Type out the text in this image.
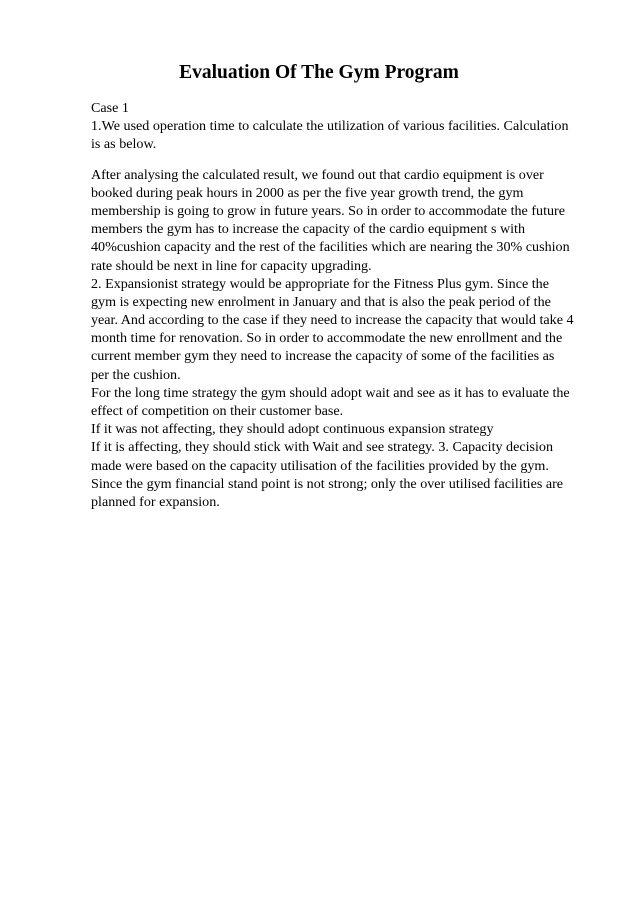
Evaluation Of The Gym Program
Case 1
1.We used operation time to calculate the utilization of various facilities. Calculation
is as below.
After analysing the calculated result, we found out that cardio equipment is over
booked during peak hours in 2000 as per the five year growth trend, the gym
membership is going to grow in future years. So in order to accommodate the future
members the gym has to increase the capacity of the cardio equipment s with
40%cushion capacity and the rest of the facilities which are nearing the 30% cushion
rate should be next in line for capacity upgrading.
2. Expansionist strategy would be appropriate for the Fitness Plus gym. Since the
gym is expecting new enrolment in January and that is also the peak period of the
year. And according to the case if they need to increase the capacity that would take 4
month time for renovation. So in order to accommodate the new enrollment and the
current member gym they need to increase the capacity of some of the facilities as
per the cushion.
For the long time strategy the gym should adopt wait and see as it has to evaluate the
effect of competition on their customer base.
If it was not affecting, they should adopt continuous expansion strategy
If it is affecting, they should stick with Wait and see strategy. 3. Capacity decision
made were based on the capacity utilisation of the facilities provided by the gym.
Since the gym financial stand point is not strong; only the over utilised facilities are
planned for expansion.
